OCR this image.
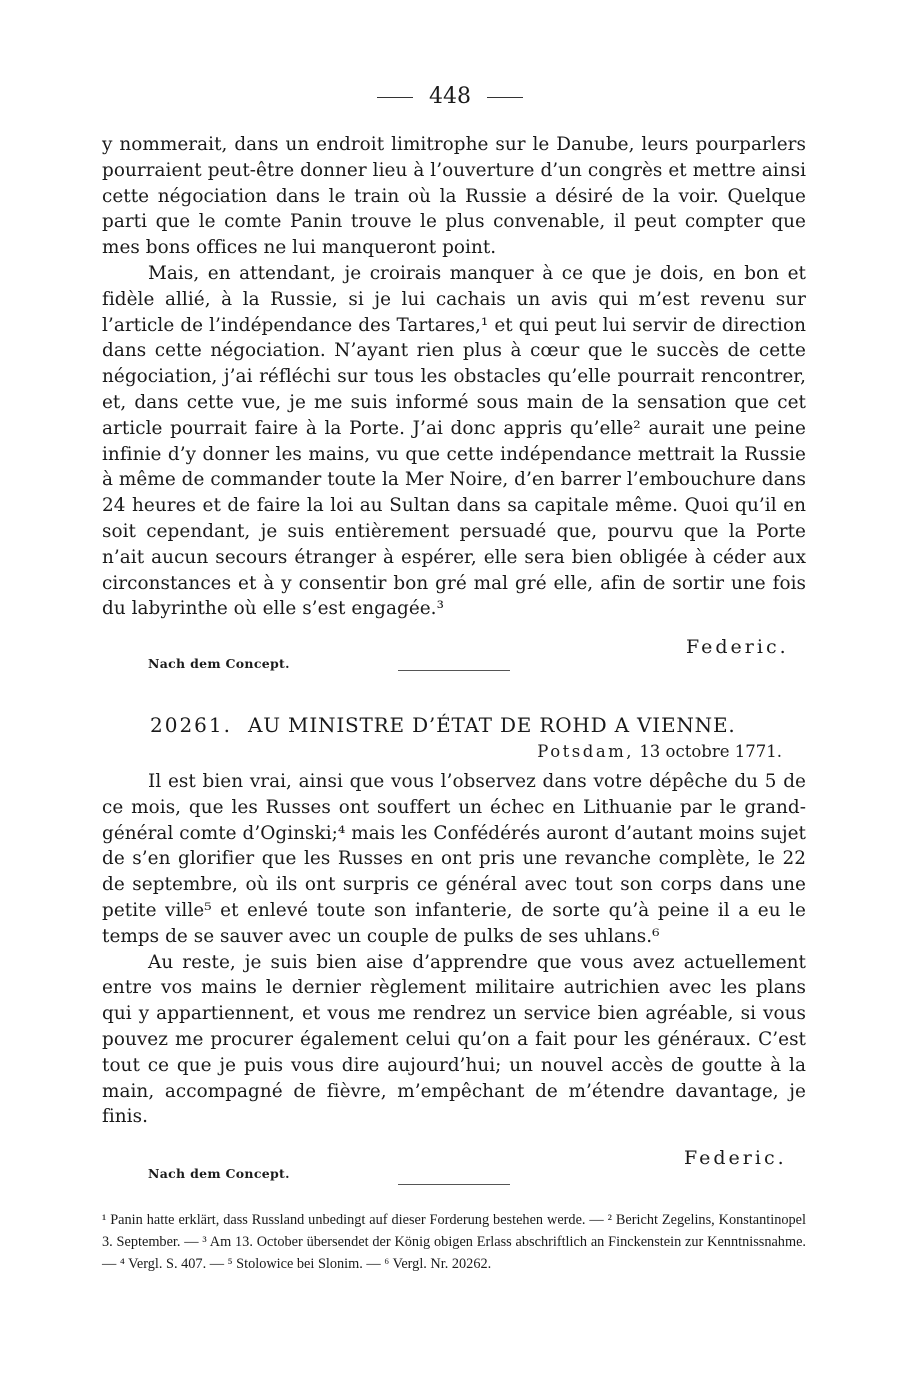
448

y nommerait, dans un endroit limitrophe sur le Danube, leurs pourparlers pourraient peut-être donner lieu à l’ouverture d’un congrès et mettre ainsi cette négociation dans le train où la Russie a désiré de la voir. Quelque parti que le comte Panin trouve le plus convenable, il peut compter que mes bons offices ne lui manqueront point.

Mais, en attendant, je croirais manquer à ce que je dois, en bon et fidèle allié, à la Russie, si je lui cachais un avis qui m’est revenu sur l’article de l’indépendance des Tartares,¹ et qui peut lui servir de direction dans cette négociation. N’ayant rien plus à cœur que le succès de cette négociation, j’ai réfléchi sur tous les obstacles qu’elle pourrait rencontrer, et, dans cette vue, je me suis informé sous main de la sensation que cet article pourrait faire à la Porte. J’ai donc appris qu’elle² aurait une peine infinie d’y donner les mains, vu que cette indépendance mettrait la Russie à même de commander toute la Mer Noire, d’en barrer l’embouchure dans 24 heures et de faire la loi au Sultan dans sa capitale même. Quoi qu’il en soit cependant, je suis entièrement persuadé que, pourvu que la Porte n’ait aucun secours étranger à espérer, elle sera bien obligée à céder aux circonstances et à y consentir bon gré mal gré elle, afin de sortir une fois du labyrinthe où elle s’est engagée.³

Federic.
Nach dem Concept.
20261. AU MINISTRE D’ÉTAT DE ROHD A VIENNE.
Potsdam, 13 octobre 1771.

Il est bien vrai, ainsi que vous l’observez dans votre dépêche du 5 de ce mois, que les Russes ont souffert un échec en Lithuanie par le grand-général comte d’Oginski;⁴ mais les Confédérés auront d’autant moins sujet de s’en glorifier que les Russes en ont pris une revanche complète, le 22 de septembre, où ils ont surpris ce général avec tout son corps dans une petite ville⁵ et enlevé toute son infanterie, de sorte qu’à peine il a eu le temps de se sauver avec un couple de pulks de ses uhlans.⁶

Au reste, je suis bien aise d’apprendre que vous avez actuellement entre vos mains le dernier règlement militaire autrichien avec les plans qui y appartiennent, et vous me rendrez un service bien agréable, si vous pouvez me procurer également celui qu’on a fait pour les généraux. C’est tout ce que je puis vous dire aujourd’hui; un nouvel accès de goutte à la main, accompagné de fièvre, m’empêchant de m’étendre davantage, je finis.

Federic.
Nach dem Concept.
¹ Panin hatte erklärt, dass Russland unbedingt auf dieser Forderung bestehen werde. — ² Bericht Zegelins, Konstantinopel 3. September. — ³ Am 13. October übersendet der König obigen Erlass abschriftlich an Finckenstein zur Kenntnissnahme. — ⁴ Vergl. S. 407. — ⁵ Stolowice bei Slonim. — ⁶ Vergl. Nr. 20262.
